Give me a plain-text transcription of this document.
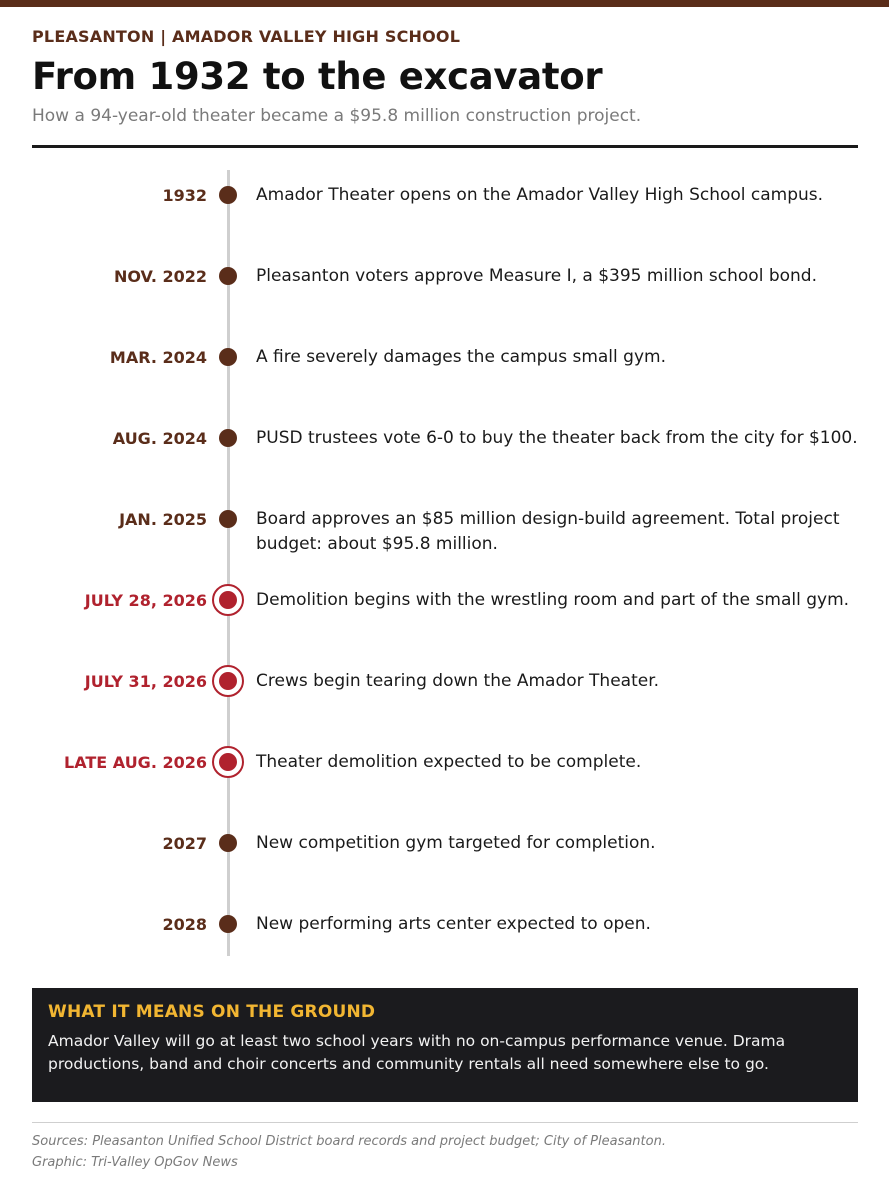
PLEASANTON | AMADOR VALLEY HIGH SCHOOL
From 1932 to the excavator
How a 94-year-old theater became a $95.8 million construction project.
1932	Amador Theater opens on the Amador Valley High School campus.
NOV. 2022	Pleasanton voters approve Measure I, a $395 million school bond.
MAR. 2024	A fire severely damages the campus small gym.
AUG. 2024	PUSD trustees vote 6-0 to buy the theater back from the city for $100.
JAN. 2025	Board approves an $85 million design-build agreement. Total project budget: about $95.8 million.
JULY 28, 2026	Demolition begins with the wrestling room and part of the small gym.
JULY 31, 2026	Crews begin tearing down the Amador Theater.
LATE AUG. 2026	Theater demolition expected to be complete.
2027	New competition gym targeted for completion.
2028	New performing arts center expected to open.
WHAT IT MEANS ON THE GROUND
Amador Valley will go at least two school years with no on-campus performance venue. Drama productions, band and choir concerts and community rentals all need somewhere else to go.
Sources: Pleasanton Unified School District board records and project budget; City of Pleasanton.
Graphic: Tri-Valley OpGov News
